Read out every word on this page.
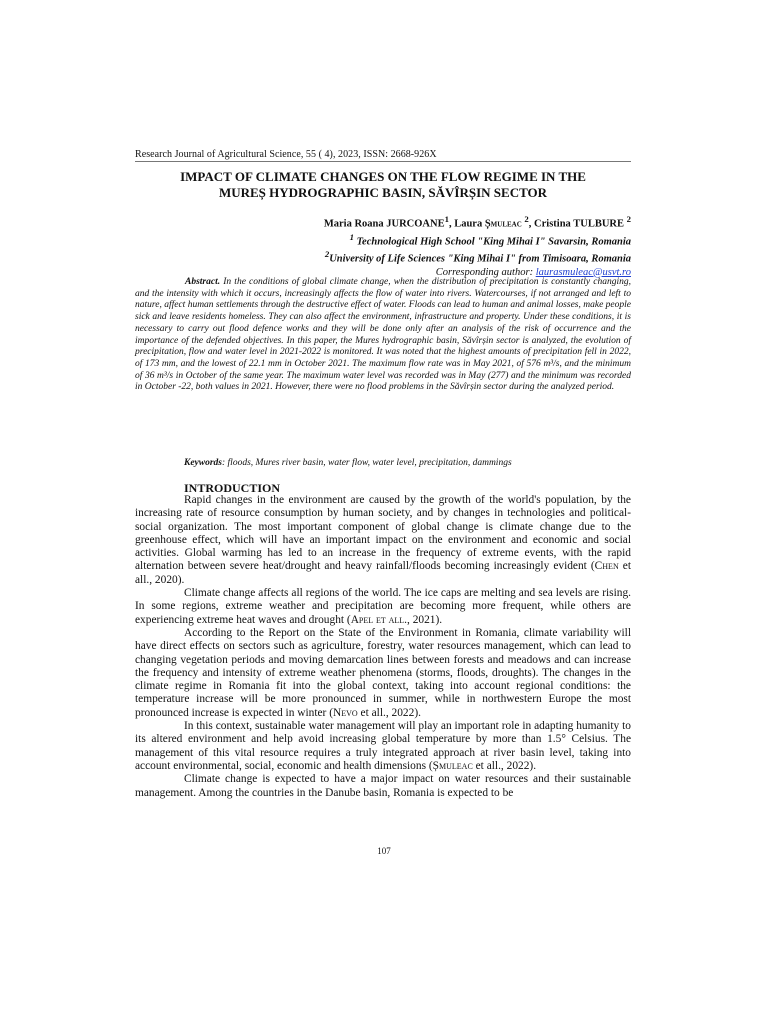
Research Journal of Agricultural Science, 55 ( 4), 2023, ISSN: 2668-926X
IMPACT OF CLIMATE CHANGES ON THE FLOW REGIME IN THE
MUREȘ HYDROGRAPHIC BASIN, SĂVÎRȘIN SECTOR
Maria Roana JURCOANE$^1$, Laura Șmuleac $^2$, Cristina TULBURE $^2$
$^1$ Technological High School "King Mihai I" Savarsin, Romania
$^2$University of Life Sciences "King Mihai I" from Timisoara, Romania
Corresponding author: laurasmuleac@usvt.ro
Abstract. In the conditions of global climate change, when the distribution of precipitation is constantly changing, and the intensity with which it occurs, increasingly affects the flow of water into rivers. Watercourses, if not arranged and left to nature, affect human settlements through the destructive effect of water. Floods can lead to human and animal losses, make people sick and leave residents homeless. They can also affect the environment, infrastructure and property. Under these conditions, it is necessary to carry out flood defence works and they will be done only after an analysis of the risk of occurrence and the importance of the defended objectives. In this paper, the Mures hydrographic basin, Săvîrșin sector is analyzed, the evolution of precipitation, flow and water level in 2021-2022 is monitored. It was noted that the highest amounts of precipitation fell in 2022, of 173 mm, and the lowest of 22.1 mm in October 2021. The maximum flow rate was in May 2021, of 576 m³/s, and the minimum of 36 m³/s in October of the same year. The maximum water level was recorded was in May (277) and the minimum was recorded in October -22, both values in 2021. However, there were no flood problems in the Săvîrșin sector during the analyzed period.
Keywords: floods, Mures river basin, water flow, water level, precipitation, dammings
INTRODUCTION

Rapid changes in the environment are caused by the growth of the world's population, by the increasing rate of resource consumption by human society, and by changes in technologies and political-social organization. The most important component of global change is climate change due to the greenhouse effect, which will have an important impact on the environment and economic and social activities. Global warming has led to an increase in the frequency of extreme events, with the rapid alternation between severe heat/drought and heavy rainfall/floods becoming increasingly evident (Chen et all., 2020).

Climate change affects all regions of the world. The ice caps are melting and sea levels are rising. In some regions, extreme weather and precipitation are becoming more frequent, while others are experiencing extreme heat waves and drought (Apel et all., 2021).

According to the Report on the State of the Environment in Romania, climate variability will have direct effects on sectors such as agriculture, forestry, water resources management, which can lead to changing vegetation periods and moving demarcation lines between forests and meadows and can increase the frequency and intensity of extreme weather phenomena (storms, floods, droughts). The changes in the climate regime in Romania fit into the global context, taking into account regional conditions: the temperature increase will be more pronounced in summer, while in northwestern Europe the most pronounced increase is expected in winter (Nevo et all., 2022).

In this context, sustainable water management will play an important role in adapting humanity to its altered environment and help avoid increasing global temperature by more than 1.5° Celsius. The management of this vital resource requires a truly integrated approach at river basin level, taking into account environmental, social, economic and health dimensions (Șmuleac et all., 2022).

Climate change is expected to have a major impact on water resources and their sustainable management. Among the countries in the Danube basin, Romania is expected to be

107
